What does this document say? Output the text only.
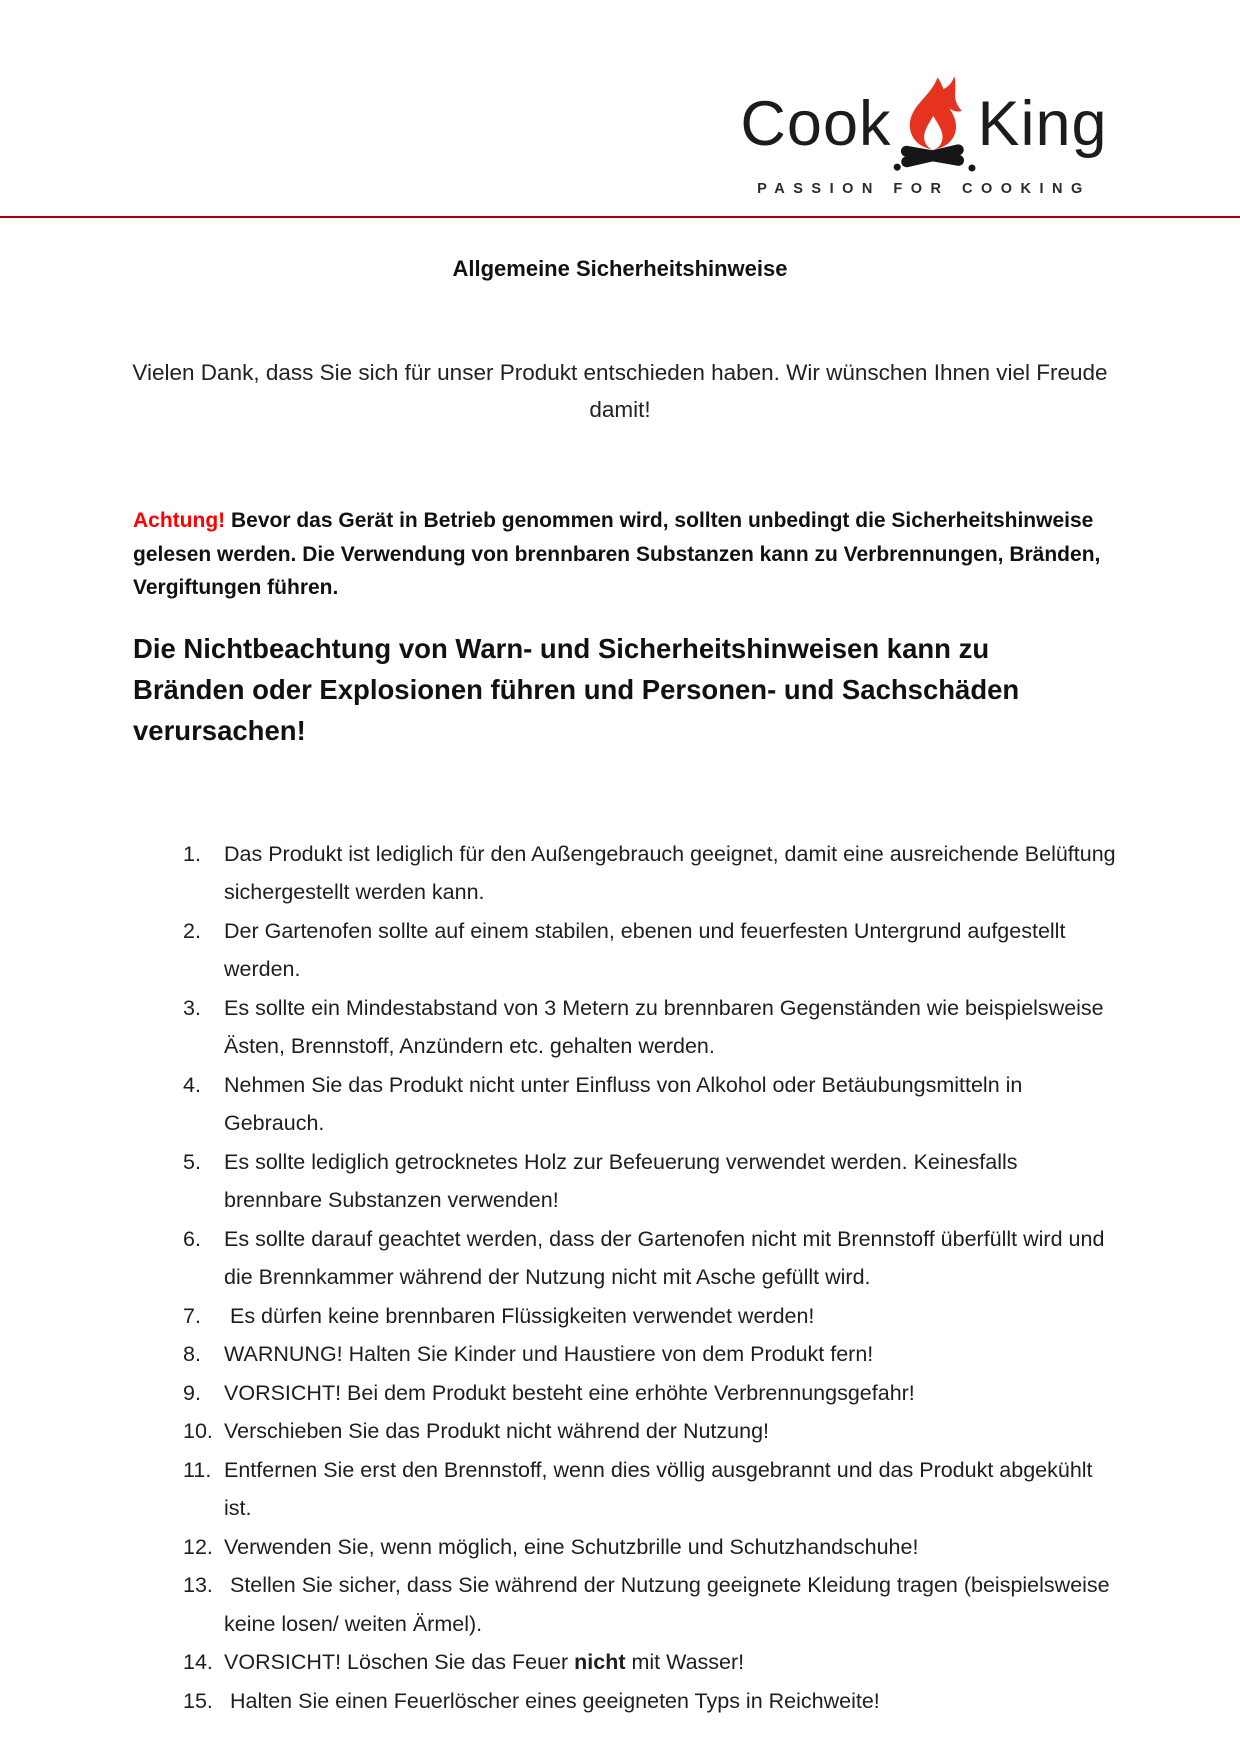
Cook King
PASSION FOR COOKING
Allgemeine Sicherheitshinweise

Vielen Dank, dass Sie sich für unser Produkt entschieden haben. Wir wünschen Ihnen viel Freude damit!

Achtung! Bevor das Gerät in Betrieb genommen wird, sollten unbedingt die Sicherheitshinweise gelesen werden. Die Verwendung von brennbaren Substanzen kann zu Verbrennungen, Bränden, Vergiftungen führen.

Die Nichtbeachtung von Warn- und Sicherheitshinweisen kann zu Bränden oder Explosionen führen und Personen- und Sachschäden verursachen!
1.	Das Produkt ist lediglich für den Außengebrauch geeignet, damit eine ausreichende Belüftung sichergestellt werden kann.
2.	Der Gartenofen sollte auf einem stabilen, ebenen und feuerfesten Untergrund aufgestellt werden.
3.	Es sollte ein Mindestabstand von 3 Metern zu brennbaren Gegenständen wie beispielsweise Ästen, Brennstoff, Anzündern etc. gehalten werden.
4.	Nehmen Sie das Produkt nicht unter Einfluss von Alkohol oder Betäubungsmitteln in Gebrauch.
5.	Es sollte lediglich getrocknetes Holz zur Befeuerung verwendet werden. Keinesfalls brennbare Substanzen verwenden!
6.	Es sollte darauf geachtet werden, dass der Gartenofen nicht mit Brennstoff überfüllt wird und die Brennkammer während der Nutzung nicht mit Asche gefüllt wird.
7.	Es dürfen keine brennbaren Flüssigkeiten verwendet werden!
8.	WARNUNG! Halten Sie Kinder und Haustiere von dem Produkt fern!
9.	VORSICHT! Bei dem Produkt besteht eine erhöhte Verbrennungsgefahr!
10. Verschieben Sie das Produkt nicht während der Nutzung!
11. Entfernen Sie erst den Brennstoff, wenn dies völlig ausgebrannt und das Produkt abgekühlt ist.
12. Verwenden Sie, wenn möglich, eine Schutzbrille und Schutzhandschuhe!
13. Stellen Sie sicher, dass Sie während der Nutzung geeignete Kleidung tragen (beispielsweise keine losen/ weiten Ärmel).
14. VORSICHT! Löschen Sie das Feuer nicht mit Wasser!
15. Halten Sie einen Feuerlöscher eines geeigneten Typs in Reichweite!
